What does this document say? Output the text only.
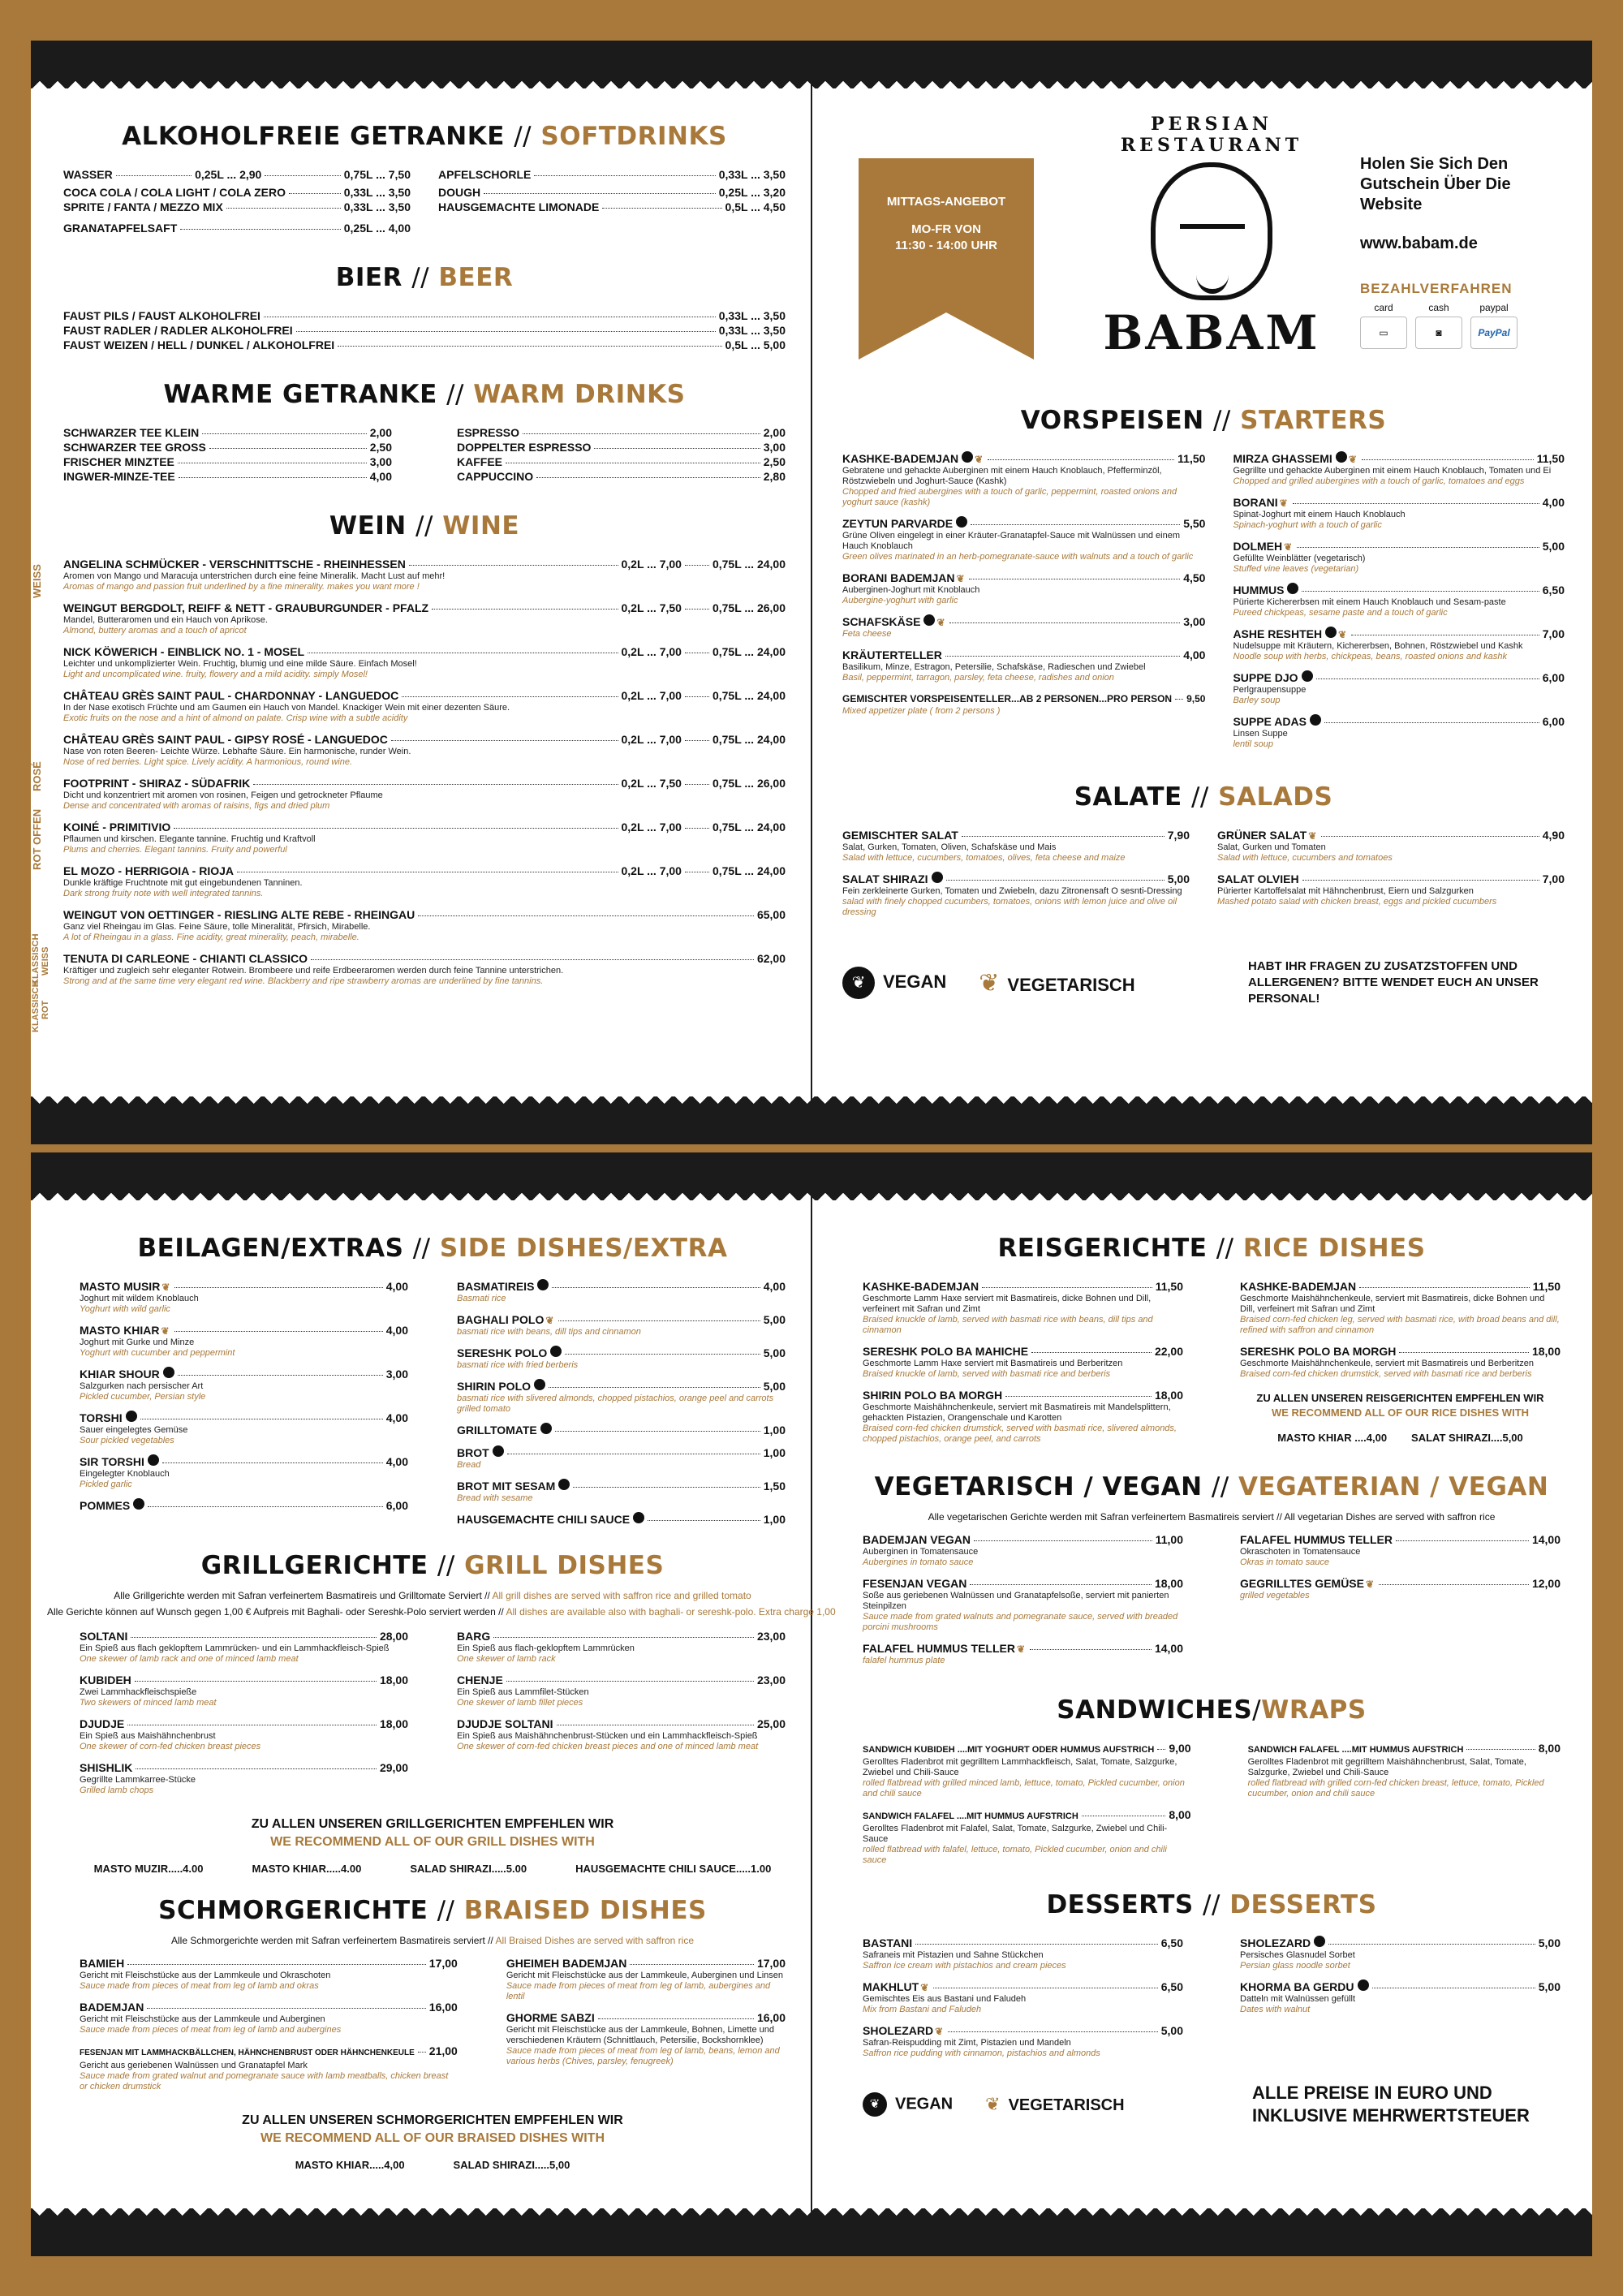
ALKOHOLFREIE GETRANKE // SOFTDRINKS
WASSER	0,25L ... 2,90	0,75L ... 7,50
COCA COLA / COLA LIGHT / COLA ZERO	0,33L ... 3,50
SPRITE / FANTA / MEZZO MIX	0,33L ... 3,50
GRANATAPFELSAFT	0,25L ... 4,00
APFELSCHORLE	0,33L ... 3,50
DOUGH	0,25L ... 3,20
HAUSGEMACHTE LIMONADE	0,5L ... 4,50
BIER // BEER
FAUST PILS / FAUST ALKOHOLFREI	0,33L ... 3,50
FAUST RADLER / RADLER ALKOHOLFREI	0,33L ... 3,50
FAUST WEIZEN / HELL / DUNKEL / ALKOHOLFREI	0,5L ... 5,00
WARME GETRANKE // WARM DRINKS
SCHWARZER TEE KLEIN	2,00
SCHWARZER TEE GROSS	2,50
FRISCHER MINZTEE	3,00
INGWER-MINZE-TEE	4,00
ESPRESSO	2,00
DOPPELTER ESPRESSO	3,00
KAFFEE	2,50
CAPPUCCINO	2,80
WEIN // WINE
WEISS
ROSÉ
ROT OFFEN
KLASSISCH WEISS
KLASSISCH ROT
ANGELINA SCHMÜCKER - VERSCHNITTSCHE - RHEINHESSEN	0,2L ... 7,00	0,75L ... 24,00
Aromen von Mango und Maracuja unterstrichen durch eine feine Mineralik. Macht Lust auf mehr!
Aromas of mango and passion fruit underlined by a fine minerality. makes you want more !
WEINGUT BERGDOLT, REIFF & NETT - GRAUBURGUNDER - PFALZ	0,2L ... 7,50	0,75L ... 26,00
Mandel, Butteraromen und ein Hauch von Aprikose.
Almond, buttery aromas and a touch of apricot
NICK KÖWERICH - EINBLICK NO. 1 - MOSEL	0,2L ... 7,00	0,75L ... 24,00
Leichter und unkomplizierter Wein. Fruchtig, blumig und eine milde Säure. Einfach Mosel!
Light and uncomplicated wine. fruity, flowery and a mild acidity. simply Mosel!
CHÂTEAU GRÈS SAINT PAUL - CHARDONNAY - LANGUEDOC	0,2L ... 7,00	0,75L ... 24,00
In der Nase exotisch Früchte und am Gaumen ein Hauch von Mandel. Knackiger Wein mit einer dezenten Säure.
Exotic fruits on the nose and a hint of almond on palate. Crisp wine with a subtle acidity
CHÂTEAU GRÈS SAINT PAUL - GIPSY ROSÉ - LANGUEDOC	0,2L ... 7,00	0,75L ... 24,00
Nase von roten Beeren- Leichte Würze. Lebhafte Säure. Ein harmonische, runder Wein.
Nose of red berries. Light spice. Lively acidity. A harmonious, round wine.
FOOTPRINT - SHIRAZ - SÜDAFRIK	0,2L ... 7,50	0,75L ... 26,00
Dicht und konzentriert mit aromen von rosinen, Feigen und getrockneter Pflaume
Dense and concentrated with aromas of raisins, figs and dried plum
KOINÉ - PRIMITIVIO	0,2L ... 7,00	0,75L ... 24,00
Pflaumen und kirschen. Elegante tannine. Fruchtig und Kraftvoll
Plums and cherries. Elegant tannins. Fruity and powerful
EL MOZO - HERRIGOIA - RIOJA	0,2L ... 7,00	0,75L ... 24,00
Dunkle kräftige Fruchtnote mit gut eingebundenen Tanninen.
Dark strong fruity note with well integrated tannins.
WEINGUT VON OETTINGER - RIESLING ALTE REBE - RHEINGAU	65,00
Ganz viel Rheingau im Glas. Feine Säure, tolle Mineralität, Pfirsich, Mirabelle.
A lot of Rheingau in a glass. Fine acidity, great minerality, peach, mirabelle.
TENUTA DI CARLEONE - CHIANTI CLASSICO	62,00
Kräftiger und zugleich sehr eleganter Rotwein. Brombeere und reife Erdbeeraromen werden durch feine Tannine unterstrichen.
Strong and at the same time very elegant red wine. Blackberry and ripe strawberry aromas are underlined by fine tannins.

MITTAGS-ANGEBOT

MO-FR VON

11:30 - 14:00 UHR

PERSIAN RESTAURANT
BABAM
Holen Sie Sich Den Gutschein Über Die Website
www.babam.de
BEZAHLVERFAHREN
card
▭
cash
◙
paypal
PayPal
VORSPEISEN // STARTERS
KASHKE-BADEMJAN ❦	11,50
Gebratene und gehackte Auberginen mit einem Hauch Knoblauch, Pfefferminzöl, Röstzwiebeln und Joghurt-Sauce (Kashk)
Chopped and fried aubergines with a touch of garlic, peppermint, roasted onions and yoghurt sauce (kashk)
ZEYTUN PARVARDE	5,50
Grüne Oliven eingelegt in einer Kräuter-Granatapfel-Sauce mit Walnüssen und einem Hauch Knoblauch
Green olives marinated in an herb-pomegranate-sauce with walnuts and a touch of garlic
BORANI BADEMJAN ❦	4,50
Auberginen-Joghurt mit Knoblauch
Aubergine-yoghurt with garlic
SCHAFSKÄSE ❦	3,00
Feta cheese
KRÄUTERTELLER	4,00
Basilikum, Minze, Estragon, Petersilie, Schafskäse, Radieschen und Zwiebel
Basil, peppermint, tarragon, parsley, feta cheese, radishes and onion
GEMISCHTER VORSPEISENTELLER...AB 2 PERSONEN...PRO PERSON 9,50
Mixed appetizer plate ( from 2 persons )
MIRZA GHASSEMI ❦	11,50
Gegrillte und gehackte Auberginen mit einem Hauch Knoblauch, Tomaten und Ei
Chopped and grilled aubergines with a touch of garlic, tomatoes and eggs
BORANI ❦	4,00
Spinat-Joghurt mit einem Hauch Knoblauch
Spinach-yoghurt with a touch of garlic
DOLMEH ❦	5,00
Gefüllte Weinblätter (vegetarisch)
Stuffed vine leaves (vegetarian)
HUMMUS	6,50
Pürierte Kichererbsen mit einem Hauch Knoblauch und Sesam-paste
Pureed chickpeas, sesame paste and a touch of garlic
ASHE RESHTEH ❦	7,00
Nudelsuppe mit Kräutern, Kichererbsen, Bohnen, Röstzwiebel und Kashk
Noodle soup with herbs, chickpeas, beans, roasted onions and kashk
SUPPE DJO	6,00
Perlgraupensuppe
Barley soup
SUPPE ADAS	6,00
Linsen Suppe
lentil soup
SALATE // SALADS
GEMISCHTER SALAT	7,90
Salat, Gurken, Tomaten, Oliven, Schafskäse und Mais
Salad with lettuce, cucumbers, tomatoes, olives, feta cheese and maize
SALAT SHIRAZI	5,00
Fein zerkleinerte Gurken, Tomaten und Zwiebeln, dazu Zitronensaft O sesnti-Dressing
salad with finely chopped cucumbers, tomatoes, onions with lemon juice and olive oil dressing
GRÜNER SALAT ❦	4,90
Salat, Gurken und Tomaten
Salad with lettuce, cucumbers and tomatoes
SALAT OLVIEH	7,00
Pürierter Kartoffelsalat mit Hähnchenbrust, Eiern und Salzgurken
Mashed potato salad with chicken breast, eggs and pickled cucumbers
❦ VEGAN ❦ VEGETARISCH
HABT IHR FRAGEN ZU ZUSATZSTOFFEN UND ALLERGENEN? BITTE WENDET EUCH AN UNSER PERSONAL!
BEILAGEN/EXTRAS // SIDE DISHES/EXTRA
MASTO MUSIR ❦	4,00
Joghurt mit wildem Knoblauch
Yoghurt with wild garlic
MASTO KHIAR ❦	4,00
Joghurt mit Gurke und Minze
Yoghurt with cucumber and peppermint
KHIAR SHOUR	3,00
Salzgurken nach persischer Art
Pickled cucumber, Persian style
TORSHI	4,00
Sauer eingelegtes Gemüse
Sour pickled vegetables
SIR TORSHI	4,00
Eingelegter Knoblauch
Pickled garlic
POMMES	6,00
BASMATIREIS	4,00
Basmati rice
BAGHALI POLO ❦	5,00
basmati rice with beans, dill tips and cinnamon
SERESHK POLO	5,00
basmati rice with fried berberis
SHIRIN POLO	5,00
basmati rice with slivered almonds, chopped pistachios, orange peel and carrots grilled tomato
GRILLTOMATE	1,00
BROT	1,00
Bread
BROT MIT SESAM	1,50
Bread with sesame
HAUSGEMACHTE CHILI SAUCE	1,00
GRILLGERICHTE // GRILL DISHES
Alle Grillgerichte werden mit Safran verfeinertem Basmatireis und Grilltomate Serviert // All grill dishes are served with saffron rice and grilled tomato
Alle Gerichte können auf Wunsch gegen 1,00 € Aufpreis mit Baghali- oder Sereshk-Polo serviert werden // All dishes are available also with baghali- or sereshk-polo. Extra charge 1,00
SOLTANI	28,00
Ein Spieß aus flach geklopftem Lammrücken- und ein Lammhackfleisch-Spieß
One skewer of lamb rack and one of minced lamb meat
KUBIDEH	18,00
Zwei Lammhackfleischspieße
Two skewers of minced lamb meat
DJUDJE	18,00
Ein Spieß aus Maishähnchenbrust
One skewer of corn-fed chicken breast pieces
SHISHLIK	29,00
Gegrillte Lammkarree-Stücke
Grilled lamb chops
BARG	23,00
Ein Spieß aus flach-geklopftem Lammrücken
One skewer of lamb rack
CHENJE	23,00
Ein Spieß aus Lammfilet-Stücken
One skewer of lamb fillet pieces
DJUDJE SOLTANI	25,00
Ein Spieß aus Maishähnchenbrust-Stücken und ein Lammhackfleisch-Spieß
One skewer of corn-fed chicken breast pieces and one of minced lamb meat
ZU ALLEN UNSEREN GRILLGERICHTEN EMPFEHLEN WIR
WE RECOMMEND ALL OF OUR GRILL DISHES WITH
MASTO MUZIR.....4.00	MASTO KHIAR.....4.00	SALAD SHIRAZI.....5.00	HAUSGEMACHTE CHILI SAUCE.....1.00
SCHMORGERICHTE // BRAISED DISHES
Alle Schmorgerichte werden mit Safran verfeinertem Basmatireis serviert // All Braised Dishes are served with saffron rice
BAMIEH	17,00
Gericht mit Fleischstücke aus der Lammkeule und Okraschoten
Sauce made from pieces of meat from leg of lamb and okras
BADEMJAN	16,00
Gericht mit Fleischstücke aus der Lammkeule und Auberginen
Sauce made from pieces of meat from leg of lamb and aubergines
FESENJAN MIT LAMMHACKBÄLLCHEN, HÄHNCHENBRUST ODER HÄHNCHENKEULE 21,00
Gericht aus geriebenen Walnüssen und Granatapfel Mark
Sauce made from grated walnut and pomegranate sauce with lamb meatballs, chicken breast or chicken drumstick
GHEIMEH BADEMJAN	17,00
Gericht mit Fleischstücke aus der Lammkeule, Auberginen und Linsen
Sauce made from pieces of meat from leg of lamb, aubergines and lentil
GHORME SABZI	16,00
Gericht mit Fleischstücke aus der Lammkeule, Bohnen, Limette und verschiedenen Kräutern (Schnittlauch, Petersilie, Bockshornklee)
Sauce made from pieces of meat from leg of lamb, beans, lemon and various herbs (Chives, parsley, fenugreek)
ZU ALLEN UNSEREN SCHMORGERICHTEN EMPFEHLEN WIR
WE RECOMMEND ALL OF OUR BRAISED DISHES WITH
MASTO KHIAR.....4,00	SALAD SHIRAZI.....5,00
REISGERICHTE // RICE DISHES
KASHKE-BADEMJAN	11,50
Geschmorte Lamm Haxe serviert mit Basmatireis, dicke Bohnen und Dill, verfeinert mit Safran und Zimt
Braised knuckle of lamb, served with basmati rice with beans, dill tips and cinnamon
SERESHK POLO BA MAHICHE	22,00
Geschmorte Lamm Haxe serviert mit Basmatireis und Berberitzen
Braised knuckle of lamb, served with basmati rice and berberis
SHIRIN POLO BA MORGH	18,00
Geschmorte Maishähnchenkeule, serviert mit Basmatireis mit Mandelsplittern, gehackten Pistazien, Orangenschale und Karotten
Braised corn-fed chicken drumstick, served with basmati rice, slivered almonds, chopped pistachios, orange peel, and carrots
KASHKE-BADEMJAN	11,50
Geschmorte Maishähnchenkeule, serviert mit Basmatireis, dicke Bohnen und Dill, verfeinert mit Safran und Zimt
Braised corn-fed chicken leg, served with basmati rice, with broad beans and dill, refined with saffron and cinnamon
SERESHK POLO BA MORGH	18,00
Geschmorte Maishähnchenkeule, serviert mit Basmatireis und Berberitzen
Braised corn-fed chicken drumstick, served with basmati rice and berberis
ZU ALLEN UNSEREN REISGERICHTEN EMPFEHLEN WIR
WE RECOMMEND ALL OF OUR RICE DISHES WITH
MASTO KHIAR ....4,00 SALAT SHIRAZI....5,00
VEGETARISCH / VEGAN // VEGATERIAN / VEGAN
Alle vegetarischen Gerichte werden mit Safran verfeinertem Basmatireis serviert // All vegetarian Dishes are served with saffron rice
BADEMJAN VEGAN	11,00
Auberginen in Tomatensauce
Aubergines in tomato sauce
FESENJAN VEGAN	18,00
Soße aus geriebenen Walnüssen und Granatapfelsoße, serviert mit panierten Steinpilzen
Sauce made from grated walnuts and pomegranate sauce, served with breaded porcini mushrooms
FALAFEL HUMMUS TELLER ❦	14,00
falafel hummus plate
FALAFEL HUMMUS TELLER	14,00
Okraschoten in Tomatensauce
Okras in tomato sauce
GEGRILLTES GEMÜSE ❦	12,00
grilled vegetables
SANDWICHES/WRAPS
SANDWICH KUBIDEH ....MIT YOGHURT ODER HUMMUS AUFSTRICH 9,00
Gerolltes Fladenbrot mit gegrilltem Lammhackfleisch, Salat, Tomate, Salzgurke, Zwiebel und Chili-Sauce
rolled flatbread with grilled minced lamb, lettuce, tomato, Pickled cucumber, onion and chili sauce
SANDWICH FALAFEL ....MIT HUMMUS AUFSTRICH	8,00
Gerolltes Fladenbrot mit Falafel, Salat, Tomate, Salzgurke, Zwiebel und Chili-Sauce
rolled flatbread with falafel, lettuce, tomato, Pickled cucumber, onion and chili sauce
SANDWICH FALAFEL ....MIT HUMMUS AUFSTRICH	8,00
Gerolltes Fladenbrot mit gegrilltem Maishähnchenbrust, Salat, Tomate, Salzgurke, Zwiebel und Chili-Sauce
rolled flatbread with grilled corn-fed chicken breast, lettuce, tomato, Pickled cucumber, onion and chili sauce
DESSERTS // DESSERTS
BASTANI	6,50
Safraneis mit Pistazien und Sahne Stückchen
Saffron ice cream with pistachios and cream pieces
MAKHLUT ❦	6,50
Gemischtes Eis aus Bastani und Faludeh
Mix from Bastani and Faludeh
SHOLEZARD ❦	5,00
Safran-Reispudding mit Zimt, Pistazien und Mandeln
Saffron rice pudding with cinnamon, pistachios and almonds
SHOLEZARD	5,00
Persisches Glasnudel Sorbet
Persian glass noodle sorbet
KHORMA BA GERDU	5,00
Datteln mit Walnüssen gefüllt
Dates with walnut
❦ VEGAN ❦ VEGETARISCH
ALLE PREISE IN EURO UND INKLUSIVE MEHRWERTSTEUER
